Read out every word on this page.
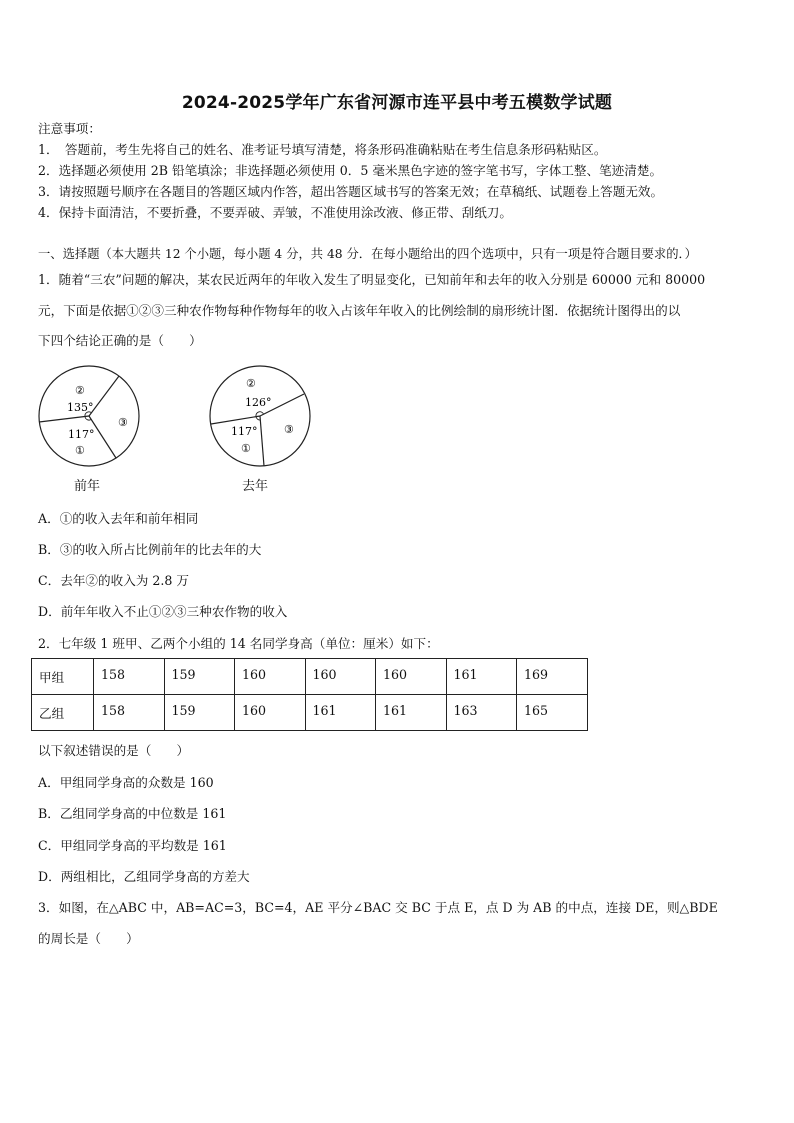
2024-2025学年广东省河源市连平县中考五模数学试题
注意事项：
1．　答题前，考生先将自己的姓名、准考证号填写清楚，将条形码准确粘贴在考生信息条形码粘贴区。
2．选择题必须使用 2B 铅笔填涂；非选择题必须使用 0．5 毫米黑色字迹的签字笔书写，字体工整、笔迹清楚。
3．请按照题号顺序在各题目的答题区域内作答，超出答题区域书写的答案无效；在草稿纸、试题卷上答题无效。
4．保持卡面清洁，不要折叠，不要弄破、弄皱，不准使用涂改液、修正带、刮纸刀。
一、选择题（本大题共 12 个小题，每小题 4 分，共 48 分．在每小题给出的四个选项中，只有一项是符合题目要求的．）
1．随着“三农”问题的解决，某农民近两年的年收入发生了明显变化，已知前年和去年的收入分别是 60000 元和 80000
元，下面是依据①②③三种农作物每种作物每年的收入占该年年收入的比例绘制的扇形统计图．依据统计图得出的以
下四个结论正确的是（　　）
②
135°
117°
①
③
前年
②
126°
117°
①
③
去年
A．①的收入去年和前年相同
B．③的收入所占比例前年的比去年的大
C．去年②的收入为 2.8 万
D．前年年收入不止①②③三种农作物的收入
2．七年级 1 班甲、乙两个小组的 14 名同学身高（单位：厘米）如下：
甲组	158	159	160	160	160	161	169
乙组	158	159	160	161	161	163	165
以下叙述错误的是（　　）
A．甲组同学身高的众数是 160
B．乙组同学身高的中位数是 161
C．甲组同学身高的平均数是 161
D．两组相比，乙组同学身高的方差大
3．如图，在△ABC 中，AB=AC=3，BC=4，AE 平分∠BAC 交 BC 于点 E，点 D 为 AB 的中点，连接 DE，则△BDE
的周长是（　　）
